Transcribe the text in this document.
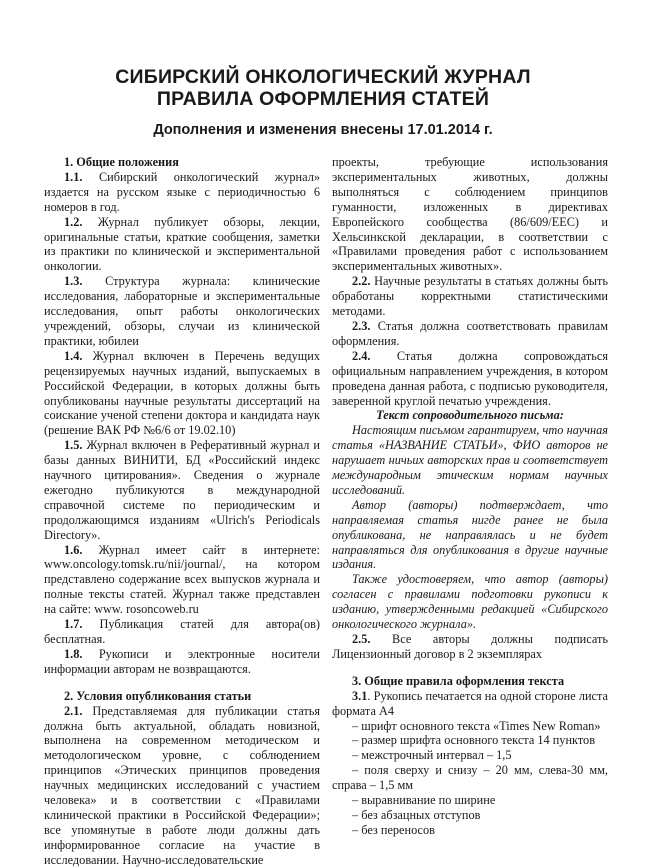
СИБИРСКИЙ ОНКОЛОГИЧЕСКИЙ ЖУРНАЛ
ПРАВИЛА ОФОРМЛЕНИЯ СТАТЕЙ
Дополнения и изменения внесены 17.01.2014 г.

1. Общие положения

1.1. Сибирский онкологический журнал» издается на русском языке с периодичностью 6 номеров в год.

1.2. Журнал публикует обзоры, лекции, оригинальные статьи, краткие сообщения, заметки из практики по клинической и экспериментальной онкологии.

1.3. Структура журнала: клинические исследования, лабораторные и экспериментальные исследования, опыт работы онкологических учреждений, обзоры, случаи из клинической практики, юбилеи

1.4. Журнал включен в Перечень ведущих рецензируемых научных изданий, выпускаемых в Российской Федерации, в которых должны быть опубликованы научные результаты диссертаций на соискание ученой степени доктора и кандидата наук (решение ВАК РФ №6/6 от 19.02.10)

1.5. Журнал включен в Реферативный журнал и базы данных ВИНИТИ, БД «Российский индекс научного цитирования». Сведения о журнале ежегодно публикуются в международной справочной системе по периодическим и продолжающимся изданиям «Ulrich's Periodicals Directory».

1.6. Журнал имеет сайт в интернете: www.oncology.tomsk.ru/nii/journal/, на котором представлено содержание всех выпусков журнала и полные тексты статей. Журнал также представлен на сайте: www. rosoncoweb.ru

1.7. Публикация статей для автора(ов) бесплатная.

1.8. Рукописи и электронные носители информации авторам не возвращаются.

2. Условия опубликования статьи

2.1. Представляемая для публикации статья должна быть актуальной, обладать новизной, выполнена на современном методическом и методологическом уровне, с соблюдением принципов «Этических принципов проведения научных медицинских исследований с участием человека» и в соответствии с «Правилами клинической практики в Российской Федерации»; все упомянутые в работе люди должны дать информированное согласие на участие в исследовании. Научно-исследовательские

проекты, требующие использования экспериментальных животных, должны выполняться с соблюдением принципов гуманности, изложенных в директивах Европейского сообщества (86/609/EEC) и Хельсинкской декларации, в соответствии с «Правилами проведения работ с использованием экспериментальных животных».

2.2. Научные результаты в статьях должны быть обработаны корректными статистическими методами.

2.3. Статья должна соответствовать правилам оформления.

2.4. Статья должна сопровождаться официальным направлением учреждения, в котором проведена данная работа, с подписью руководителя, заверенной круглой печатью учреждения.

Текст сопроводительного письма:

Настоящим письмом гарантируем, что научная статья «НАЗВАНИЕ СТАТЬИ», ФИО авторов не нарушает ничьих авторских прав и соответствует международным этическим нормам научных исследований.

Автор (авторы) подтверждает, что направляемая статья нигде ранее не была опубликована, не направлялась и не будет направляться для опубликования в другие научные издания.

Также удостоверяем, что автор (авторы) согласен с правилами подготовки рукописи к изданию, утвержденными редакцией «Сибирского онкологического журнала».

2.5. Все авторы должны подписать Лицензионный договор в 2 экземплярах

3. Общие правила оформления текста

3.1. Рукопись печатается на одной стороне листа формата А4

– шрифт основного текста «Times New Roman»

– размер шрифта основного текста 14 пунктов

– межстрочный интервал – 1,5

– поля сверху и снизу – 20 мм, слева-30 мм, справа – 1,5 мм

– выравнивание по ширине

– без абзацных отступов

– без переносов
